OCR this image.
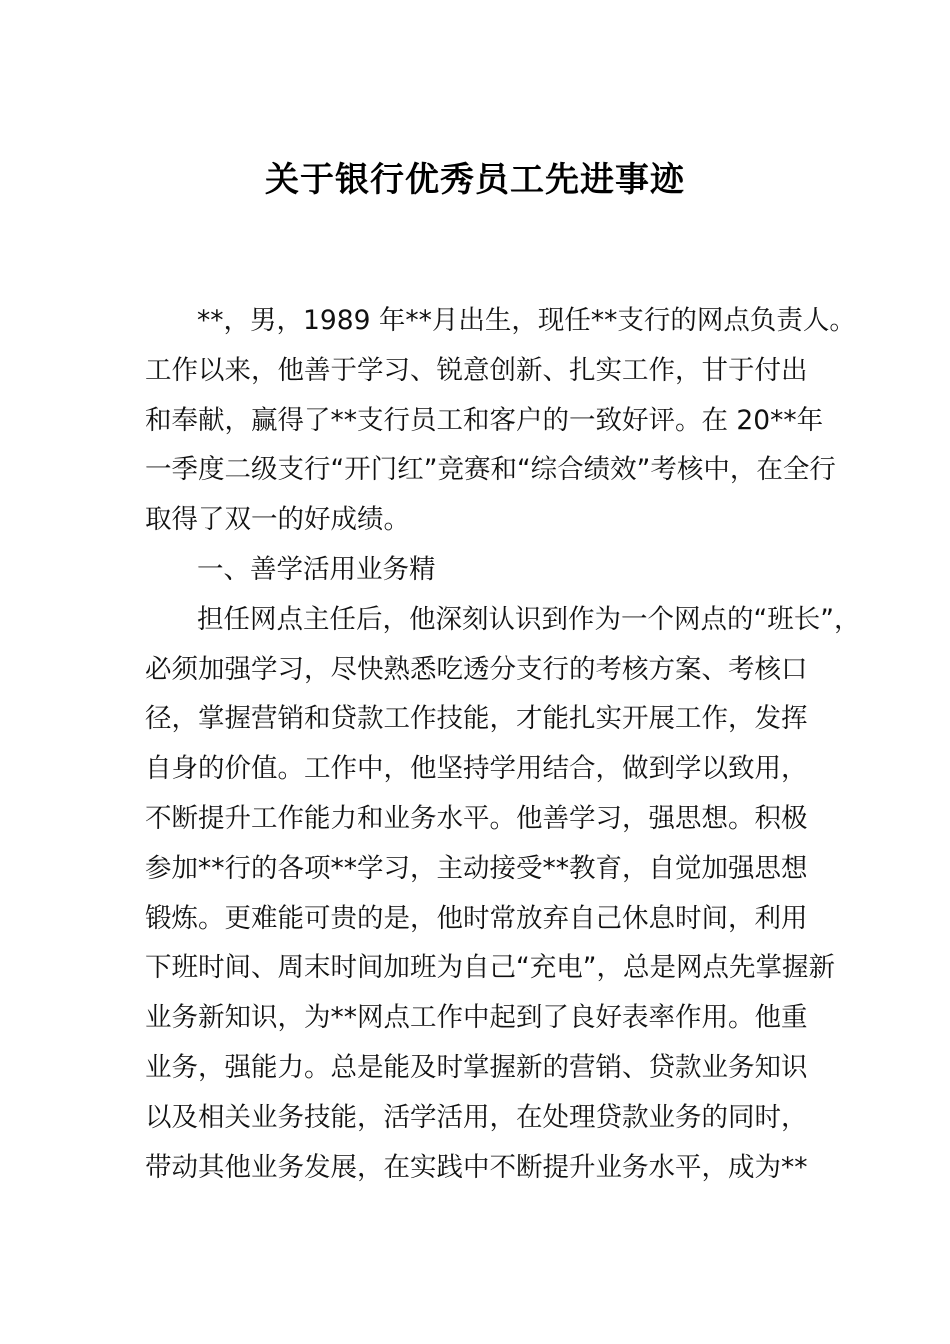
关于银行优秀员工先进事迹
**，男，1989 年**月出生，现任**支行的网点负责人。
工作以来，他善于学习、锐意创新、扎实工作，甘于付出
和奉献，赢得了**支行员工和客户的一致好评。在 20**年
一季度二级支行“开门红”竞赛和“综合绩效”考核中，在全行
取得了双一的好成绩。
一、善学活用业务精
担任网点主任后，他深刻认识到作为一个网点的“班长”，
必须加强学习，尽快熟悉吃透分支行的考核方案、考核口
径，掌握营销和贷款工作技能，才能扎实开展工作，发挥
自身的价值。工作中，他坚持学用结合，做到学以致用，
不断提升工作能力和业务水平。他善学习，强思想。积极
参加**行的各项**学习，主动接受**教育，自觉加强思想
锻炼。更难能可贵的是，他时常放弃自己休息时间，利用
下班时间、周末时间加班为自己“充电”，总是网点先掌握新
业务新知识，为**网点工作中起到了良好表率作用。他重
业务，强能力。总是能及时掌握新的营销、贷款业务知识
以及相关业务技能，活学活用，在处理贷款业务的同时，
带动其他业务发展，在实践中不断提升业务水平，成为**
